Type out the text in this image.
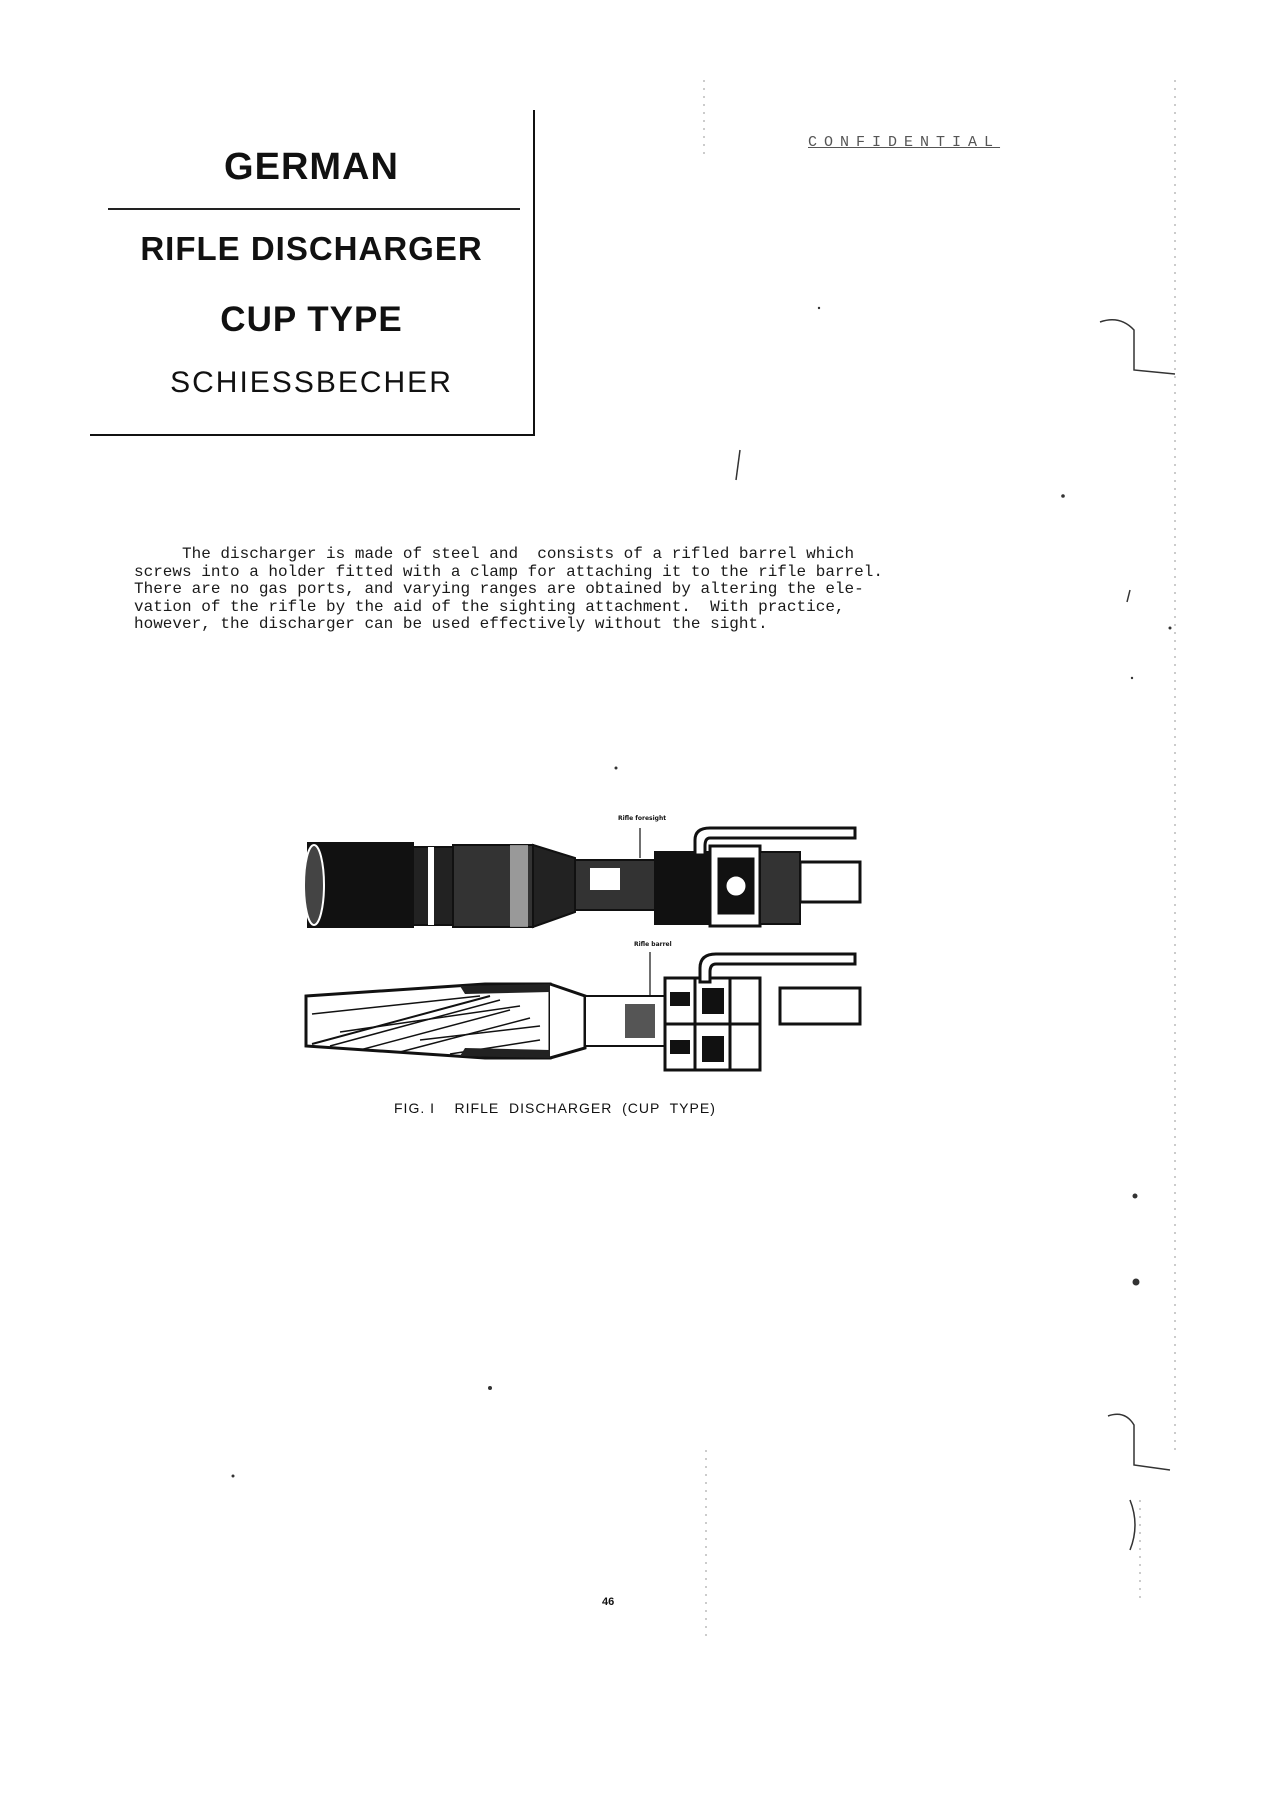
GERMAN
RIFLE DISCHARGER
CUP TYPE
SCHIESSBECHER
CONFIDENTIAL
The discharger is made of steel and  consists of a rifled barrel which
screws into a holder fitted with a clamp for attaching it to the rifle barrel.
There are no gas ports, and varying ranges are obtained by altering the ele-
vation of the rifle by the aid of the sighting attachment.  With practice,
however, the discharger can be used effectively without the sight.
Rifle foresight
Rifle barrel
FIG. I    RIFLE  DISCHARGER  (CUP  TYPE)
46
